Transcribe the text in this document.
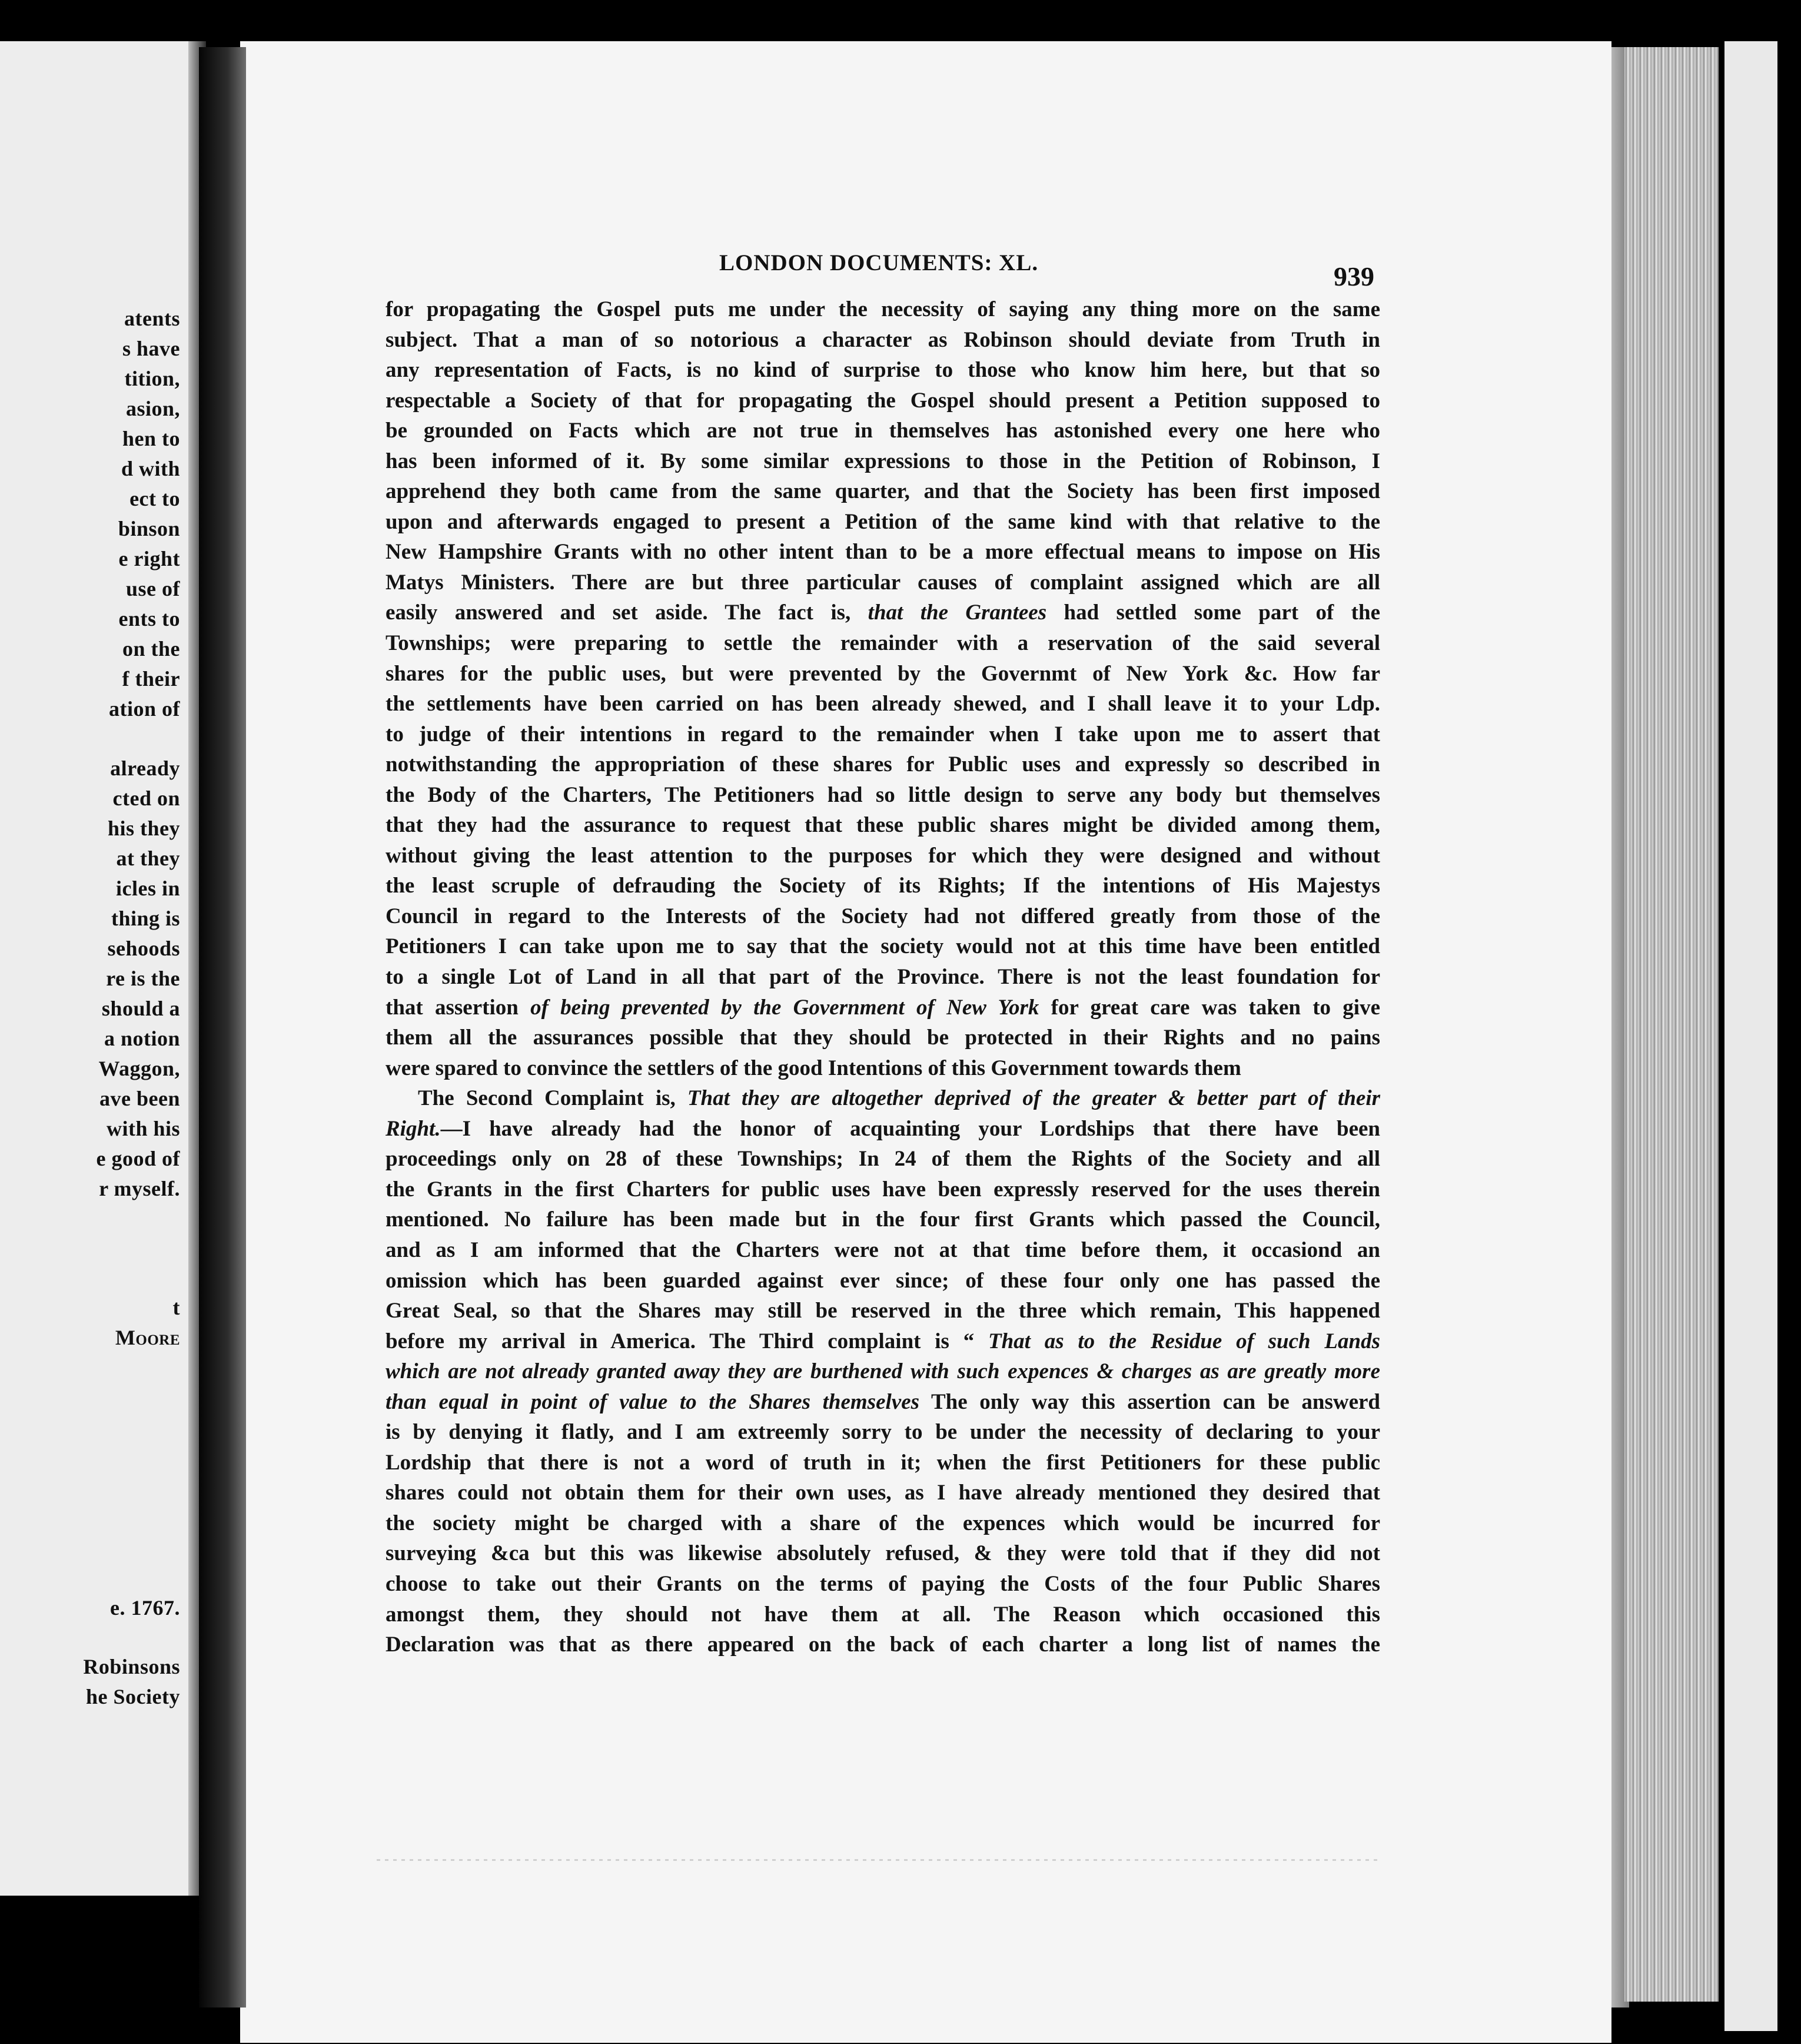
atents

s have

tition,

asion,

hen to

d with

ect to

binson

e right

use of

ents to

on the

f their

ation of

already

cted on

his they

at they

icles in

thing is

sehoods

re is the

should a

a notion

Waggon,

ave been

with his

e good of

r myself.

t

Moore

e. 1767.

Robinsons

he Society

LONDON DOCUMENTS: XL.	939

for propagating the Gospel puts me under the necessity of saying any thing more on the same

subject. That a man of so notorious a character as Robinson should deviate from Truth in

any representation of Facts, is no kind of surprise to those who know him here, but that so

respectable a Society of that for propagating the Gospel should present a Petition supposed to

be grounded on Facts which are not true in themselves has astonished every one here who

has been informed of it. By some similar expressions to those in the Petition of Robinson, I

apprehend they both came from the same quarter, and that the Society has been first imposed

upon and afterwards engaged to present a Petition of the same kind with that relative to the

New Hampshire Grants with no other intent than to be a more effectual means to impose on His

Matys Ministers. There are but three particular causes of complaint assigned which are all

easily answered and set aside. The fact is, that the Grantees had settled some part of the

Townships; were preparing to settle the remainder with a reservation of the said several

shares for the public uses, but were prevented by the Governmt of New York &c. How far

the settlements have been carried on has been already shewed, and I shall leave it to your Ldp.

to judge of their intentions in regard to the remainder when I take upon me to assert that

notwithstanding the appropriation of these shares for Public uses and expressly so described in

the Body of the Charters, The Petitioners had so little design to serve any body but themselves

that they had the assurance to request that these public shares might be divided among them,

without giving the least attention to the purposes for which they were designed and without

the least scruple of defrauding the Society of its Rights; If the intentions of His Majestys

Council in regard to the Interests of the Society had not differed greatly from those of the

Petitioners I can take upon me to say that the society would not at this time have been entitled

to a single Lot of Land in all that part of the Province. There is not the least foundation for

that assertion of being prevented by the Government of New York for great care was taken to give

them all the assurances possible that they should be protected in their Rights and no pains

were spared to convince the settlers of the good Intentions of this Government towards them

The Second Complaint is, That they are altogether deprived of the greater & better part of their

Right.—I have already had the honor of acquainting your Lordships that there have been

proceedings only on 28 of these Townships; In 24 of them the Rights of the Society and all

the Grants in the first Charters for public uses have been expressly reserved for the uses therein

mentioned. No failure has been made but in the four first Grants which passed the Council,

and as I am informed that the Charters were not at that time before them, it occasiond an

omission which has been guarded against ever since; of these four only one has passed the

Great Seal, so that the Shares may still be reserved in the three which remain, This happened

before my arrival in America. The Third complaint is “ That as to the Residue of such Lands

which are not already granted away they are burthened with such expences & charges as are greatly more

than equal in point of value to the Shares themselves The only way this assertion can be answerd

is by denying it flatly, and I am extreemly sorry to be under the necessity of declaring to your

Lordship that there is not a word of truth in it; when the first Petitioners for these public

shares could not obtain them for their own uses, as I have already mentioned they desired that

the society might be charged with a share of the expences which would be incurred for

surveying &ca but this was likewise absolutely refused, & they were told that if they did not

choose to take out their Grants on the terms of paying the Costs of the four Public Shares

amongst them, they should not have them at all. The Reason which occasioned this

Declaration was that as there appeared on the back of each charter a long list of names the
